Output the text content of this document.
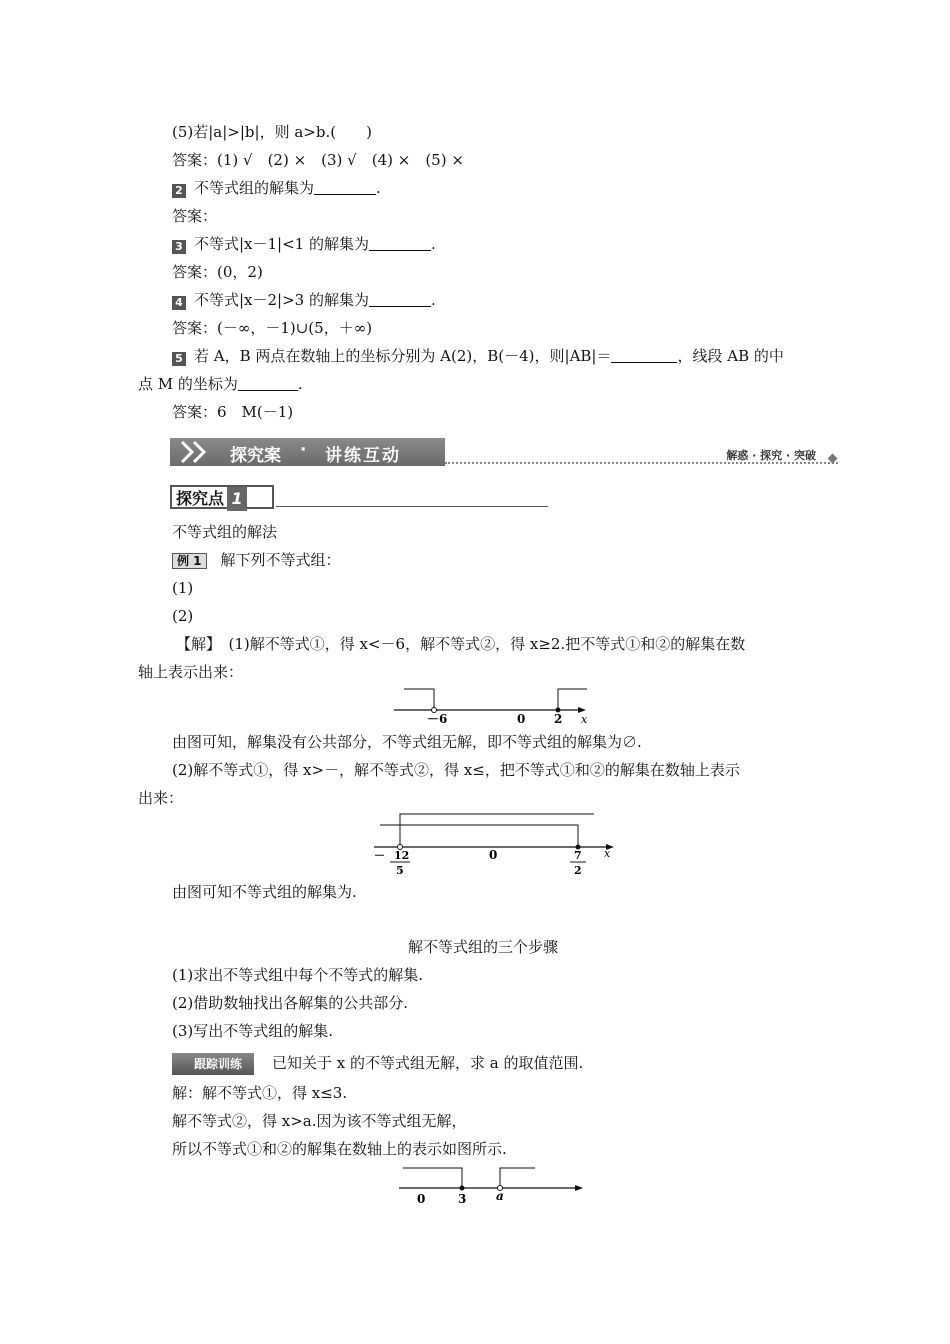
(5)若|a|>|b|，则 a>b.(　　)
答案：(1) √　(2) ×　(3) √　(4) ×　(5) ×
2 不等式组的解集为	.
答案：
3 不等式|x－1|<1 的解集为	.
答案：(0，2)
4 不等式|x－2|>3 的解集为	.
答案：(－∞，－1)∪(5，＋∞)
5 若 A，B 两点在数轴上的坐标分别为 A(2)，B(－4)，则|AB|＝	，线段 AB 的中
点 M 的坐标为	.
答案：6　M(－1)
探究案 · 讲练互动	解惑 · 探究 · 突破
探究点 1
不等式组的解法
例 1 解下列不等式组：
(1)
(2)
【解】　(1)解不等式①，得 x<－6，解不等式②，得 x≥2.把不等式①和②的解集在数
轴上表示出来：
－6	0 2 x
由图可知，解集没有公共部分，不等式组无解，即不等式组的解集为∅.
(2)解不等式①，得 x>－，解不等式②，得 x≤，把不等式①和②的解集在数轴上表示
出来：
－ 12
5
0	7
2
x
由图可知不等式组的解集为.
解不等式组的三个步骤
(1)求出不等式组中每个不等式的解集.
(2)借助数轴找出各解集的公共部分.
(3)写出不等式组的解集.
跟踪训练 已知关于 x 的不等式组无解，求 a 的取值范围.
解：解不等式①，得 x≤3.
解不等式②，得 x>a.因为该不等式组无解，
所以不等式①和②的解集在数轴上的表示如图所示.
0	3 a
